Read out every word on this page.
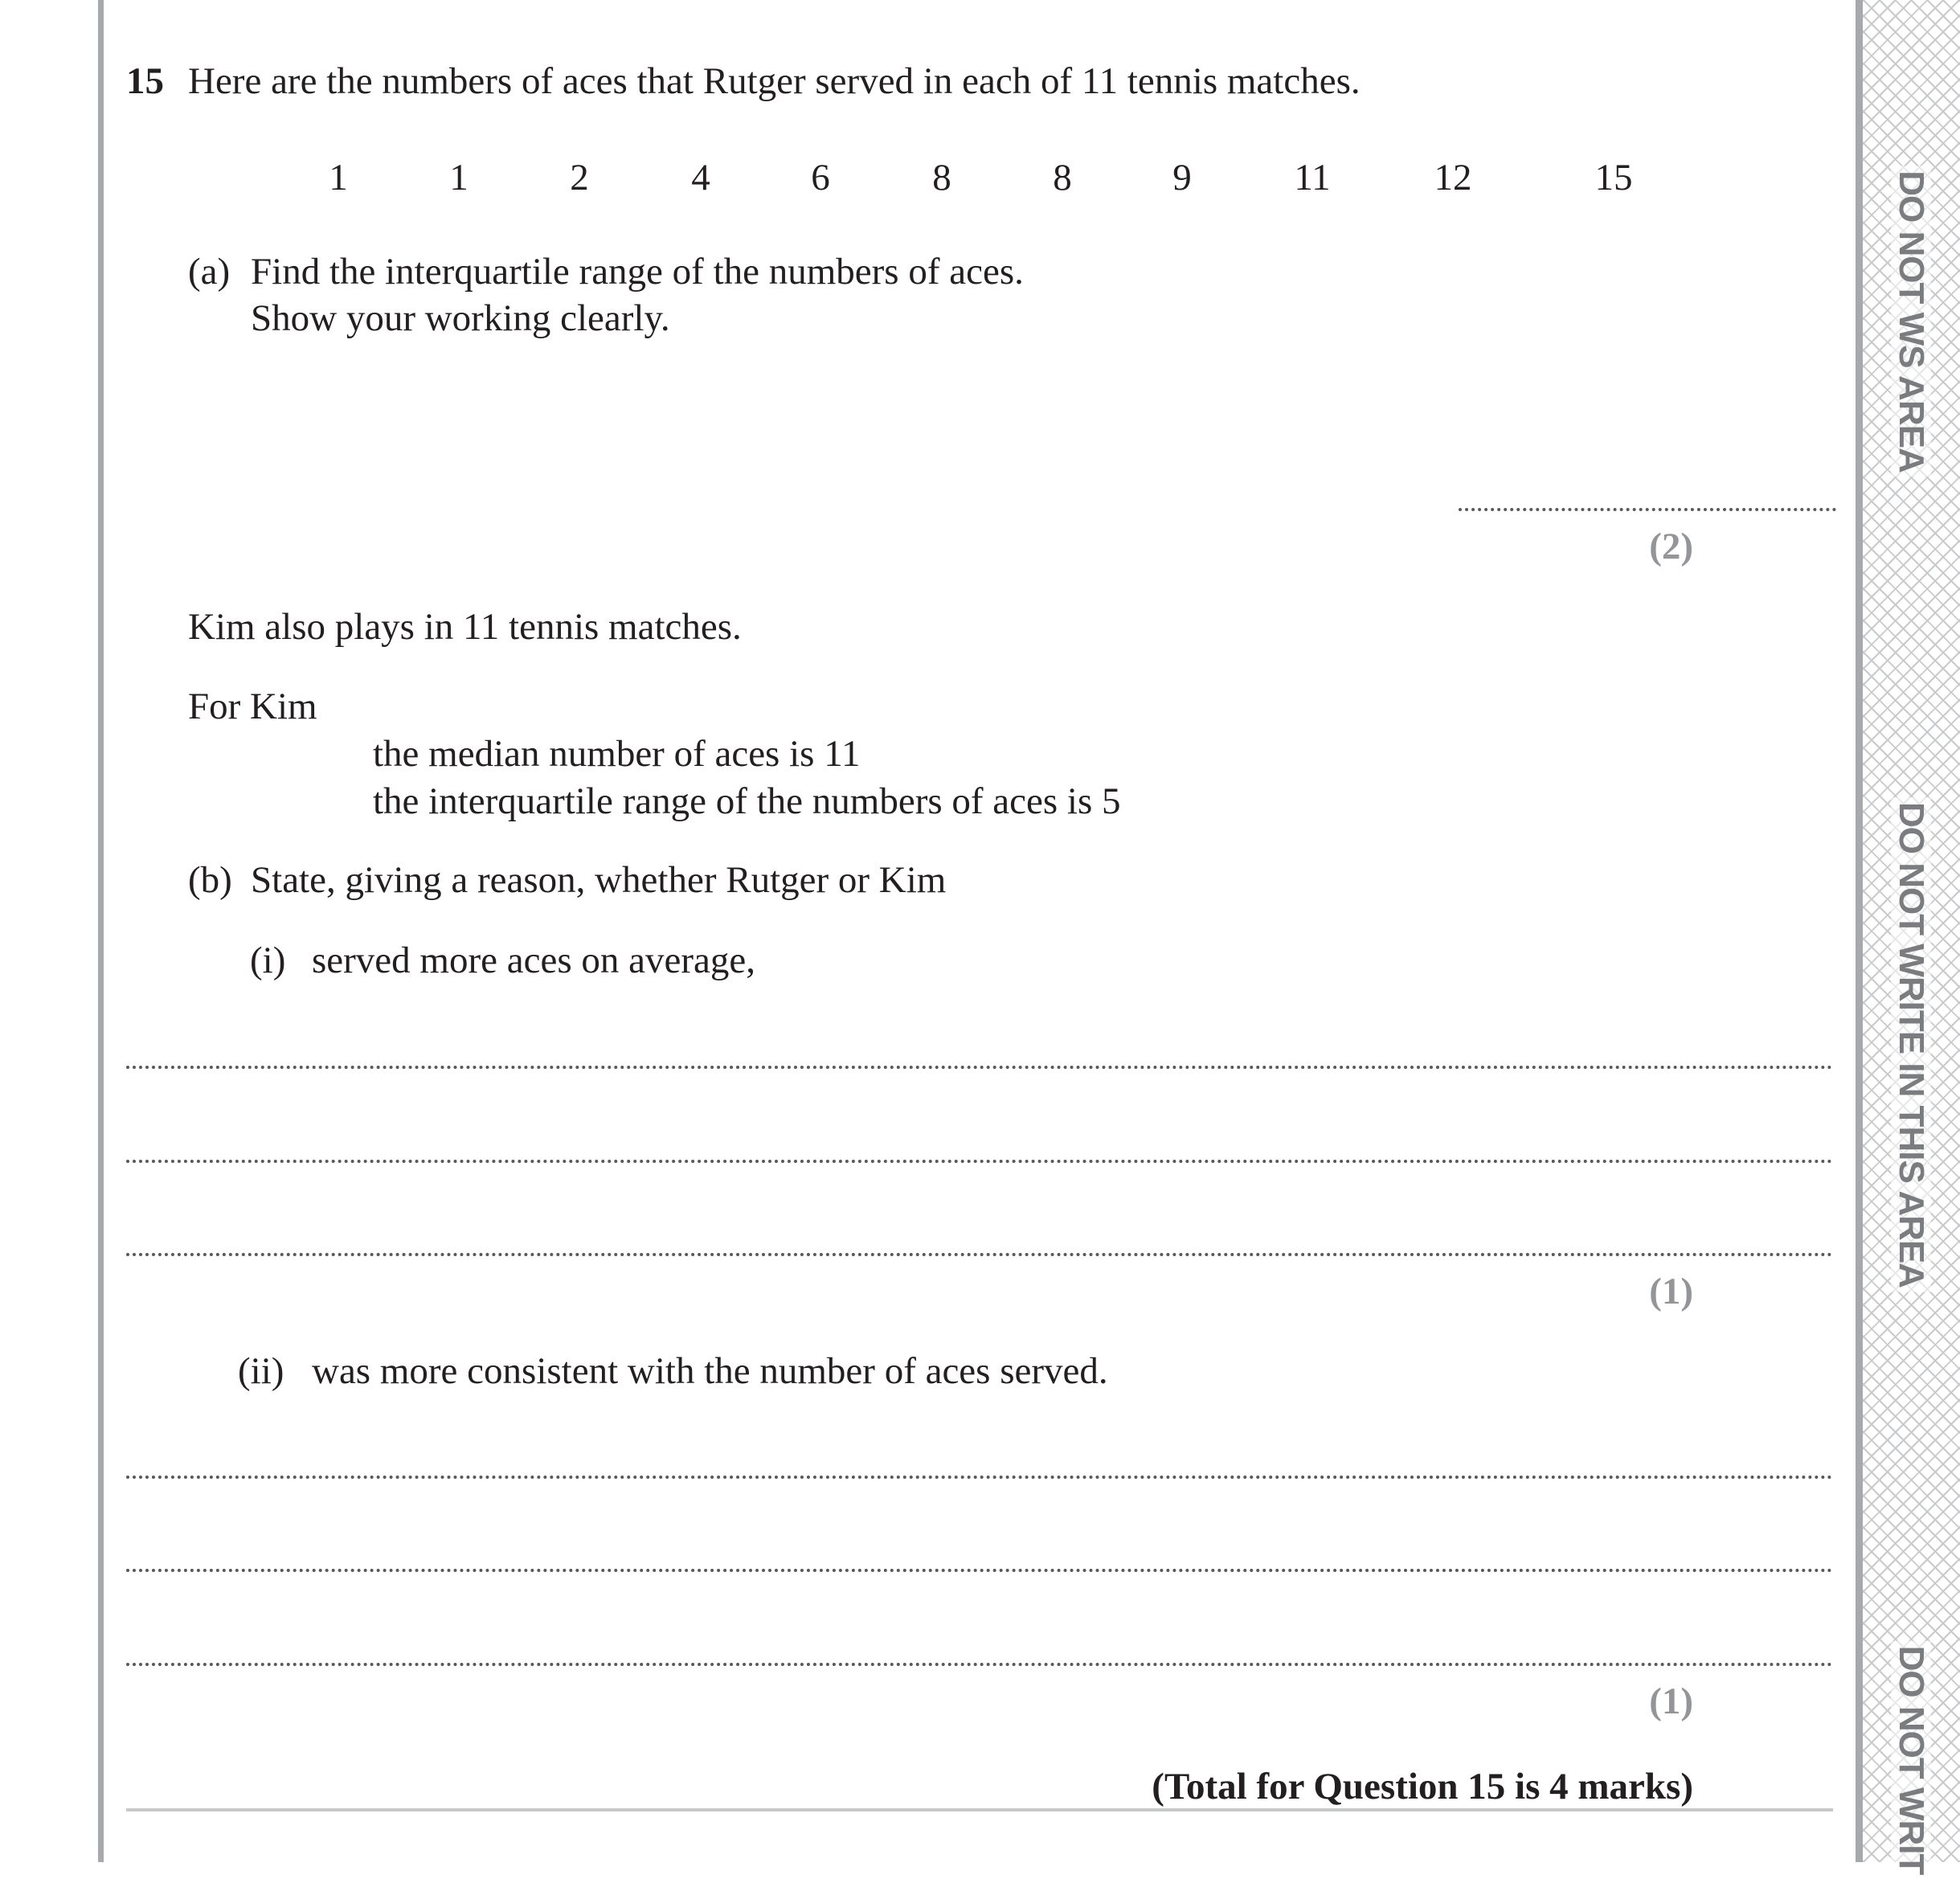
DO NOT WS AREA
DO NOT WRITE IN THIS AREA
DO NOT WRIT
15 Here are the numbers of aces that Rutger served in each of 11 tennis matches.
1	1	2	4	6	8	8	9	11	12	15
(a) Find the interquartile range of the numbers of aces.
Show your working clearly.
(2)
Kim also plays in 11 tennis matches.
For Kim
the median number of aces is 11
the interquartile range of the numbers of aces is 5
(b) State, giving a reason, whether Rutger or Kim
(i) served more aces on average,
(1)
(ii) was more consistent with the number of aces served.
(1)
(Total for Question 15 is 4 marks)
